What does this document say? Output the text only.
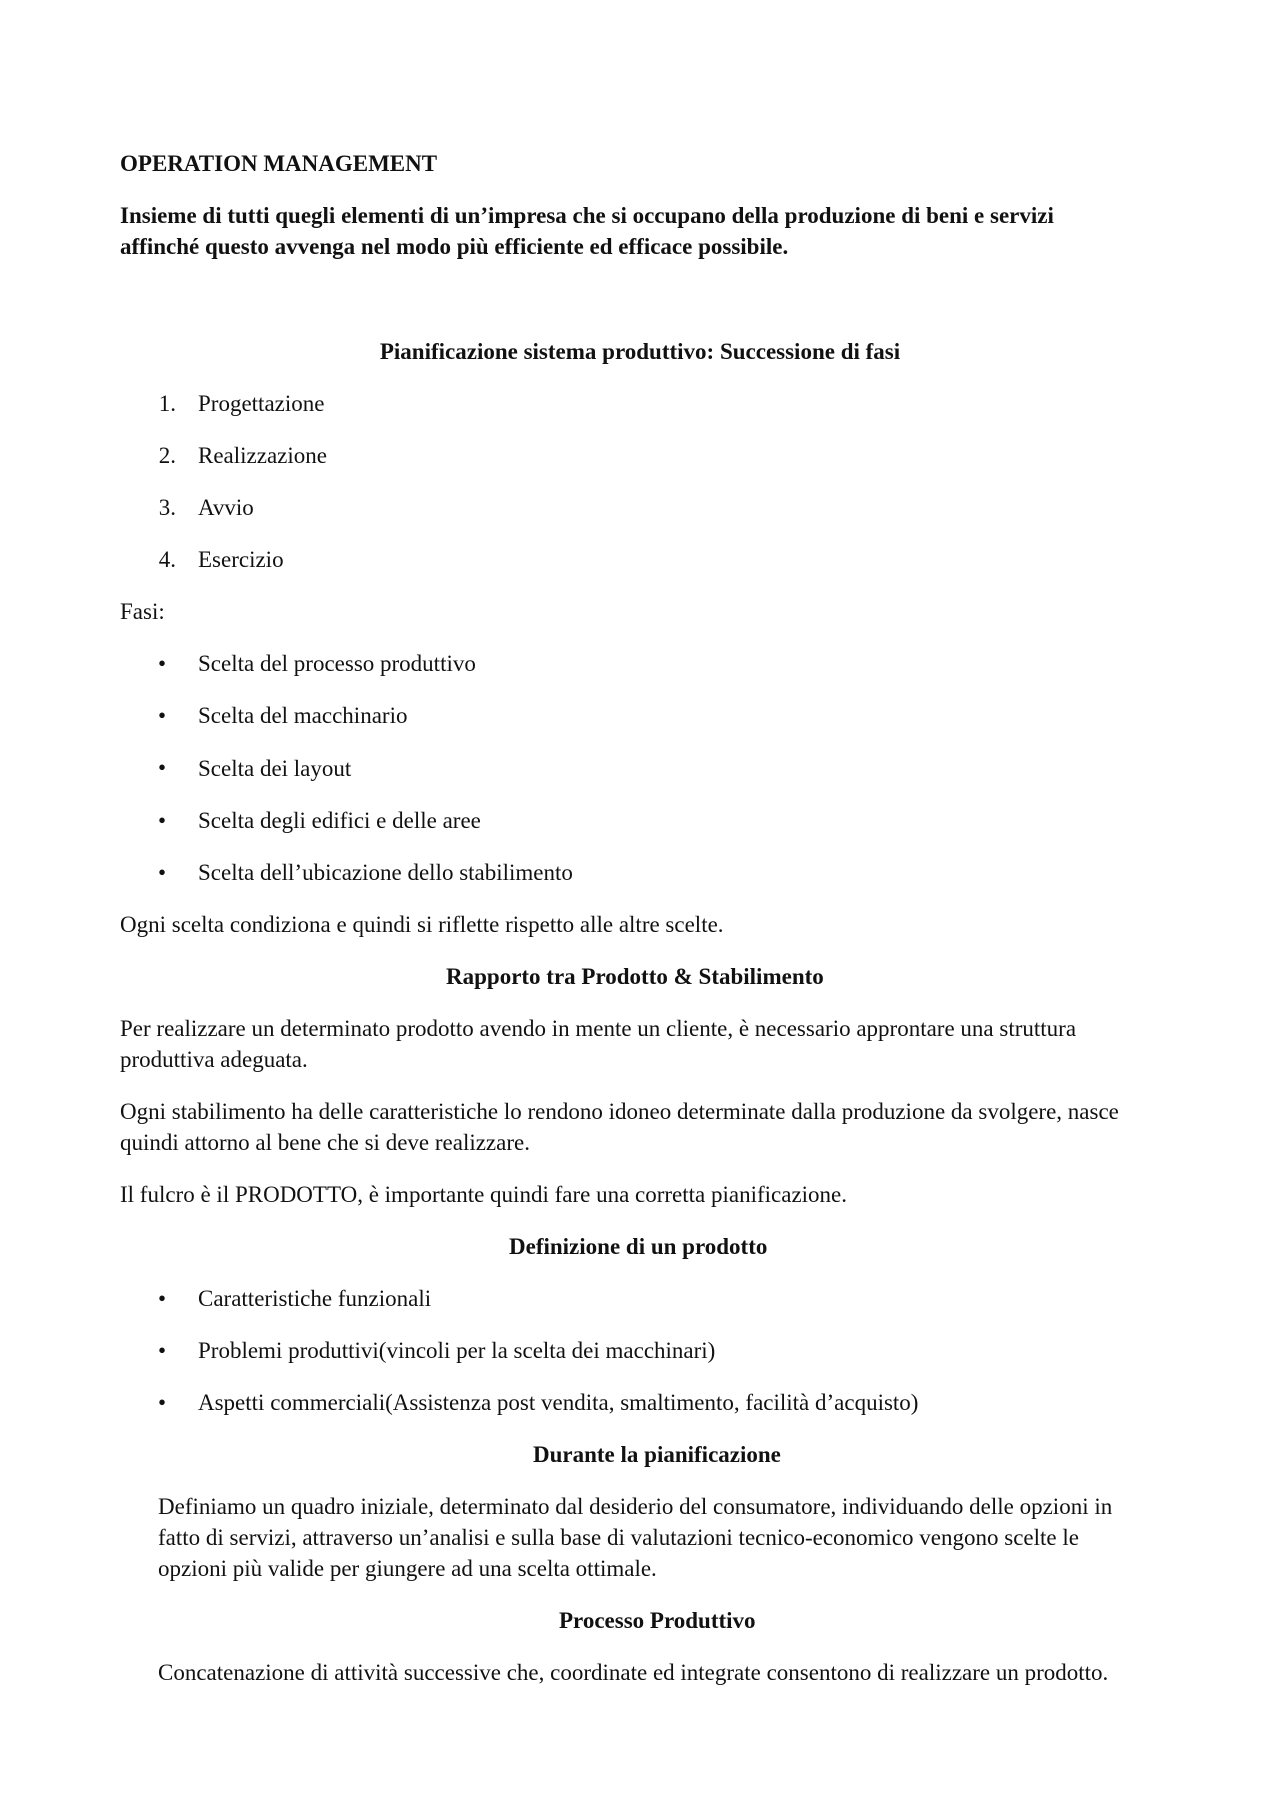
OPERATION MANAGEMENT

Insieme di tutti quegli elementi di un’impresa che si occupano della produzione di beni e servizi

affinché questo avvenga nel modo più efficiente ed efficace possibile.

Pianificazione sistema produttivo: Successione di fasi

1. Progettazione

2. Realizzazione

3. Avvio

4. Esercizio

Fasi:

• Scelta del processo produttivo

• Scelta del macchinario

• Scelta dei layout

• Scelta degli edifici e delle aree

• Scelta dell’ubicazione dello stabilimento

Ogni scelta condiziona e quindi si riflette rispetto alle altre scelte.

Rapporto tra Prodotto & Stabilimento

Per realizzare un determinato prodotto avendo in mente un cliente, è necessario approntare una struttura

produttiva adeguata.

Ogni stabilimento ha delle caratteristiche lo rendono idoneo determinate dalla produzione da svolgere, nasce

quindi attorno al bene che si deve realizzare.

Il fulcro è il PRODOTTO, è importante quindi fare una corretta pianificazione.

Definizione di un prodotto

• Caratteristiche funzionali

• Problemi produttivi(vincoli per la scelta dei macchinari)

• Aspetti commerciali(Assistenza post vendita, smaltimento, facilità d’acquisto)

Durante la pianificazione

Definiamo un quadro iniziale, determinato dal desiderio del consumatore, individuando delle opzioni in

fatto di servizi, attraverso un’analisi e sulla base di valutazioni tecnico-economico vengono scelte le

opzioni più valide per giungere ad una scelta ottimale.

Processo Produttivo

Concatenazione di attività successive che, coordinate ed integrate consentono di realizzare un prodotto.
